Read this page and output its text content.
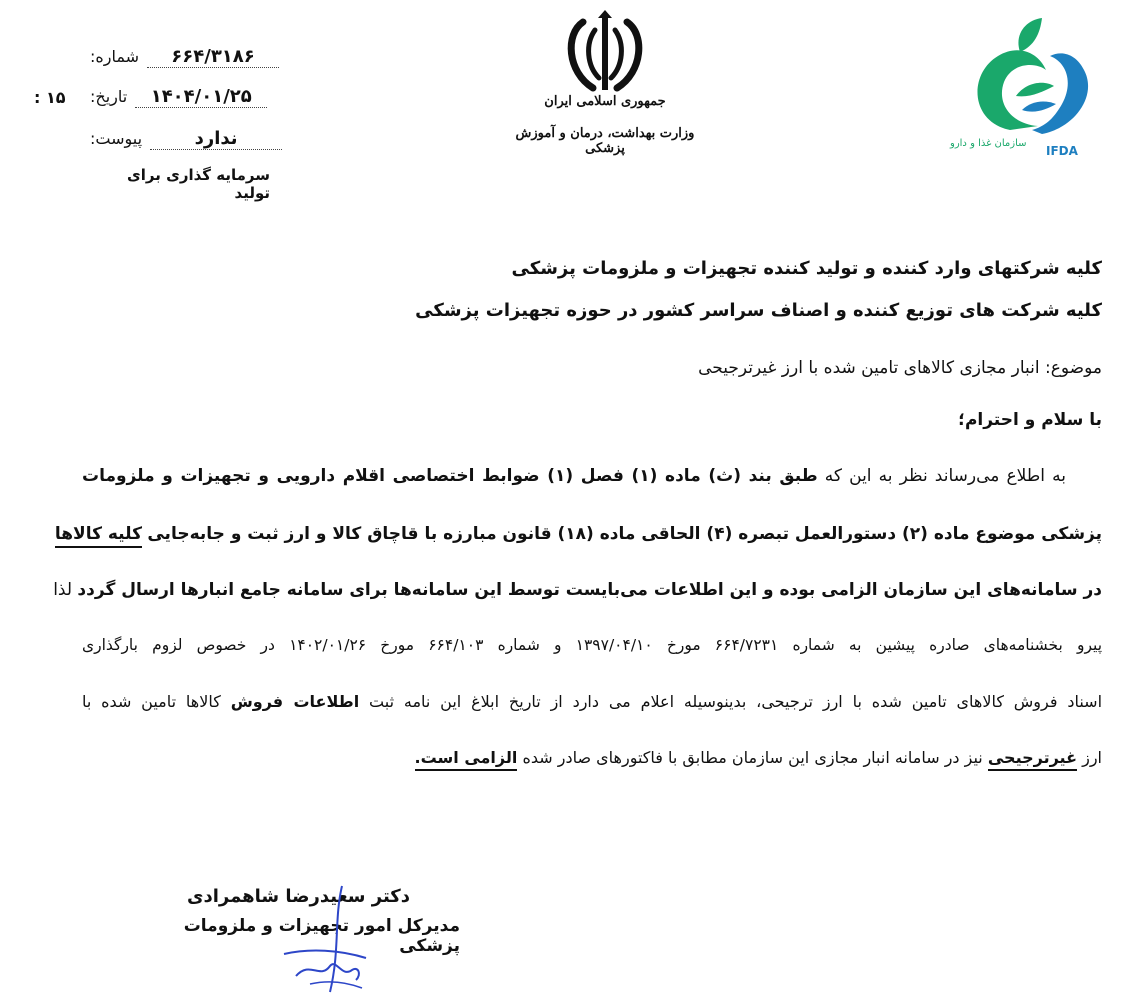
سازمان غذا و دارو
IFDA
جمهوری اسلامی ایران
وزارت بهداشت، درمان و آموزش پزشکی
شماره:	۶۶۴/۳۱۸۶
تاریخ:	۱۴۰۴/۰۱/۲۵
۱۵ :
پیوست:	ندارد
سرمایه گذاری برای تولید
کلیه شرکتهای وارد کننده و تولید کننده تجهیزات و ملزومات پزشکی
کلیه شرکت های توزیع کننده و اصناف سراسر کشور در حوزه تجهیزات پزشکی
موضوع: انبار مجازی کالاهای تامین شده با ارز غیرترجیحی
با سلام و احترام؛
به اطلاع می‌رساند نظر به این که طبق بند (ث) ماده (۱) فصل (۱) ضوابط اختصاصی اقلام دارویی و تجهیزات و ملزومات
پزشکی موضوع ماده (۲) دستورالعمل تبصره (۴) الحاقی ماده (۱۸) قانون مبارزه با قاچاق کالا و ارز ثبت و جابه‌جایی کلیه کالاها
در سامانه‌های این سازمان الزامی بوده و این اطلاعات می‌بایست توسط این سامانه‌ها برای سامانه جامع انبارها ارسال گردد لذا
پیرو بخشنامه‌های صادره پیشین به شماره ۶۶۴/۷۲۳۱ مورخ ۱۳۹۷/۰۴/۱۰ و شماره ۶۶۴/۱۰۳ مورخ ۱۴۰۲/۰۱/۲۶ در خصوص لزوم بارگذاری
اسناد فروش کالاهای تامین شده با ارز ترجیحی، بدینوسیله اعلام می دارد از تاریخ ابلاغ این نامه ثبت اطلاعات فروش کالاها تامین شده با
ارز غیرترجیحی نیز در سامانه انبار مجازی این سازمان مطابق با فاکتورهای صادر شده الزامی است.
دکتر سعیدرضا شاهمرادی
مدیرکل امور تجهیزات و ملزومات پزشکی
